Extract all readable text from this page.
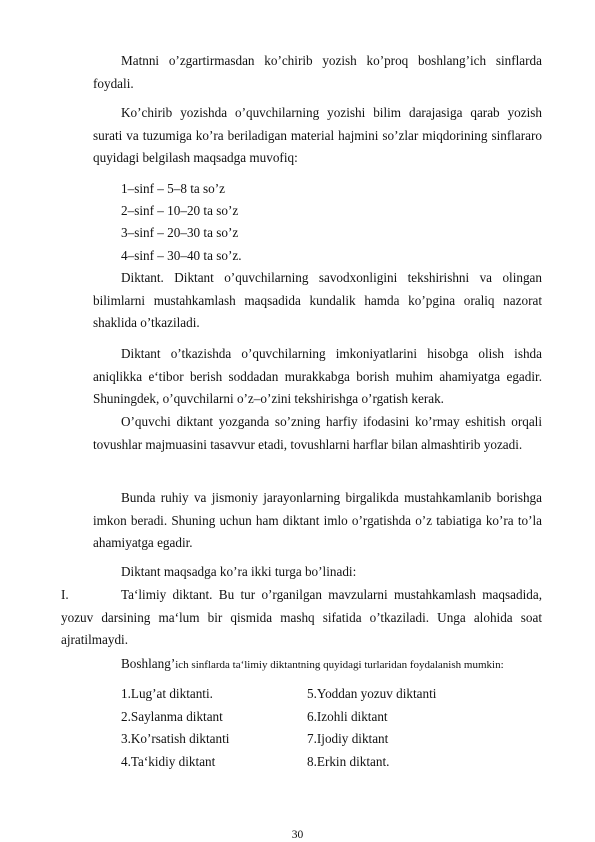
Matnni o’zgartirmasdan ko’chirib yozish ko’proq boshlang’ich sinflarda foydali.

Ko’chirib yozishda o’quvchilarning yozishi bilim darajasiga qarab yozish surati va tuzumiga ko’ra beriladigan material hajmini so’zlar miqdorining sinflararo quyidagi belgilash maqsadga muvofiq:

1–sinf – 5–8 ta so’z

2–sinf – 10–20 ta so’z

3–sinf – 20–30 ta so’z

4–sinf – 30–40 ta so’z.

Diktant. Diktant o’quvchilarning savodxonligini tekshirishni va olingan bilimlarni mustahkamlash maqsadida kundalik hamda ko’pgina oraliq nazorat shaklida o’tkaziladi.

Diktant o’tkazishda o’quvchilarning imkoniyatlarini hisobga olish ishda aniqlikka e‘tibor berish soddadan murakkabga borish muhim ahamiyatga egadir. Shuningdek, o’quvchilarni o’z–o’zini tekshirishga o’rgatish kerak.

O’quvchi diktant yozganda so’zning harfiy ifodasini ko’rmay eshitish orqali tovushlar majmuasini tasavvur etadi, tovushlarni harflar bilan almashtirib yozadi.

Bunda ruhiy va jismoniy jarayonlarning birgalikda mustahkamlanib borishga imkon beradi. Shuning uchun ham diktant imlo o’rgatishda o’z tabiatiga ko’ra to’la ahamiyatga egadir.

Diktant maqsadga ko’ra ikki turga bo’linadi:

I.	Ta‘limiy diktant. Bu tur o’rganilgan mavzularni mustahkamlash maqsadida, yozuv darsining ma‘lum bir qismida mashq sifatida o’tkaziladi. Unga alohida soat ajratilmaydi.

Boshlang’ich sinflarda ta‘limiy diktantning quyidagi turlaridan foydalanish mumkin:

1.Lug’at diktanti.

2.Saylanma diktant

3.Ko’rsatish diktanti

4.Ta‘kidiy diktant

5.Yoddan yozuv diktanti

6.Izohli diktant

7.Ijodiy diktant

8.Erkin diktant.

30
